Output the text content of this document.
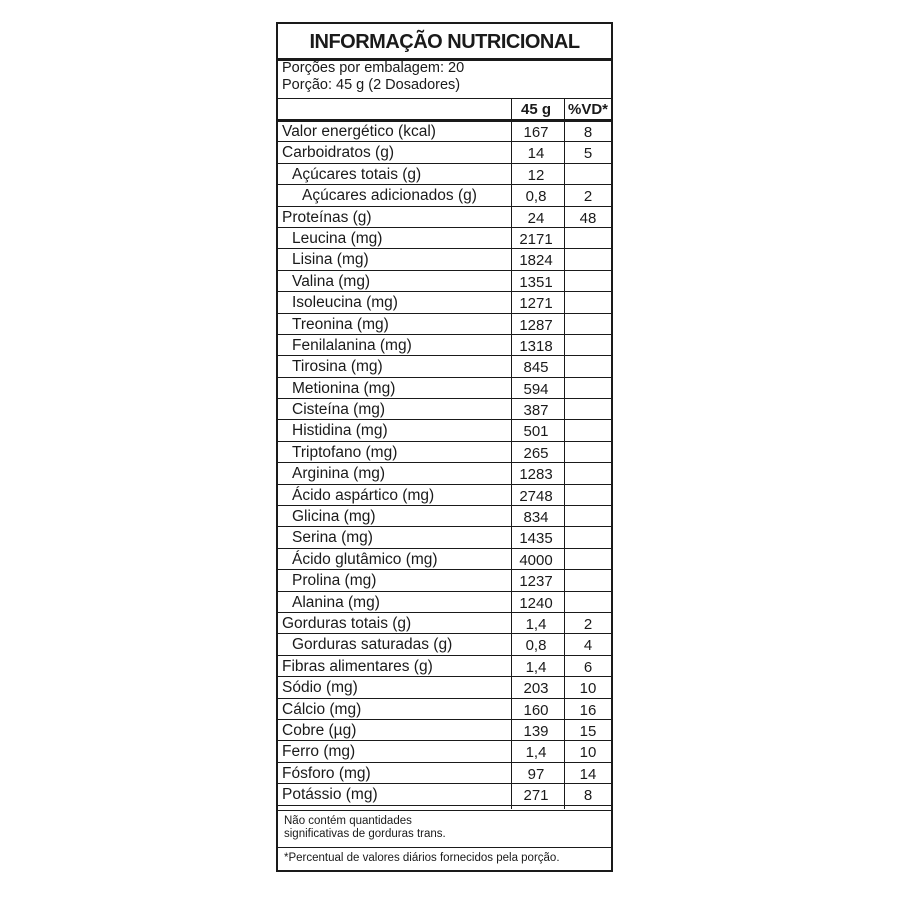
INFORMAÇÃO NUTRICIONAL
Porções por embalagem: 20
Porção: 45 g (2 Dosadores)
45 g	%VD*
Valor energético (kcal)	167	8
Carboidratos (g)	14	5
Açúcares totais (g)	12
Açúcares adicionados (g)	0,8	2
Proteínas (g)	24	48
Leucina (mg)	2171
Lisina (mg)	1824
Valina (mg)	1351
Isoleucina (mg)	1271
Treonina (mg)	1287
Fenilalanina (mg)	1318
Tirosina (mg)	845
Metionina (mg)	594
Cisteína (mg)	387
Histidina (mg)	501
Triptofano (mg)	265
Arginina (mg)	1283
Ácido aspártico (mg)	2748
Glicina (mg)	834
Serina (mg)	1435
Ácido glutâmico (mg)	4000
Prolina (mg)	1237
Alanina (mg)	1240
Gorduras totais (g)	1,4	2
Gorduras saturadas (g)	0,8	4
Fibras alimentares (g)	1,4	6
Sódio (mg)	203	10
Cálcio (mg)	160	16
Cobre (µg)	139	15
Ferro (mg)	1,4	10
Fósforo (mg)	97	14
Potássio (mg)	271	8
Não contém quantidades
significativas de gorduras trans.
*Percentual de valores diários fornecidos pela porção.
